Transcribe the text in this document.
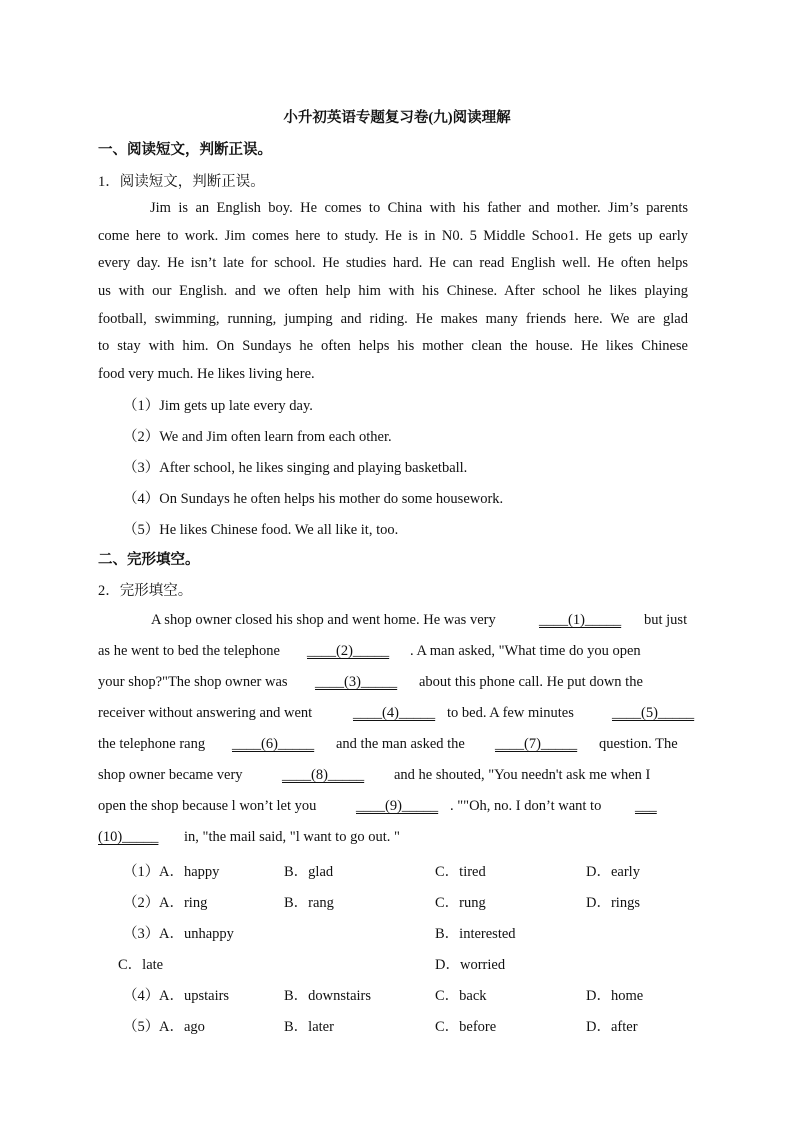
小升初英语专题复习卷(九)阅读理解
一、阅读短文，判断正误。
1．阅读短文，判断正误。
Jim is an English boy. He comes to China with his father and mother. Jim’s parents
come here to work. Jim comes here to study. He is in N0. 5 Middle Schoo1. He gets up early
every day. He isn’t late for school. He studies hard. He can read English well. He often helps
us with our English. and we often help him with his Chinese. After school he likes playing
football, swimming, running, jumping and riding. He makes many friends here. We are glad
to stay with him. On Sundays he often helps his mother clean the house. He likes Chinese
food very much. He likes living here.
（1）Jim gets up late every day.
（2）We and Jim often learn from each other.
（3）After school, he likes singing and playing basketball.
（4）On Sundays he often helps his mother do some housework.
（5）He likes Chinese food. We all like it, too.
二、完形填空。
2．完形填空。
A shop owner closed his shop and went home. He was very	____(1)_____ but just
as he went to bed the telephone ____(2)_____ . A man asked, "What time do you open
your shop?"The shop owner was ____(3)_____ about this phone call. He put down the
receiver without answering and went	____(4)_____ to bed. A few minutes	____(5)_____
the telephone rang ____(6)_____ and the man asked the ____(7)_____ question. The
shop owner became very	____(8)_____ and he shouted, "You needn't ask me when I
open the shop because l won’t let you	____(9)_____ . ""Oh, no. I don’t want to ___
(10)_____ in, "the mail said, "l want to go out. "
（1） A．happy	B．glad	C．tired	D．early
（2） A．ring	B．rang	C．rung	D．rings
（3） A．unhappy	B．interested
C．late	D．worried
（4） A．upstairs	B．downstairs	C．back	D．home
（5） A．ago	B．later	C．before	D．after
